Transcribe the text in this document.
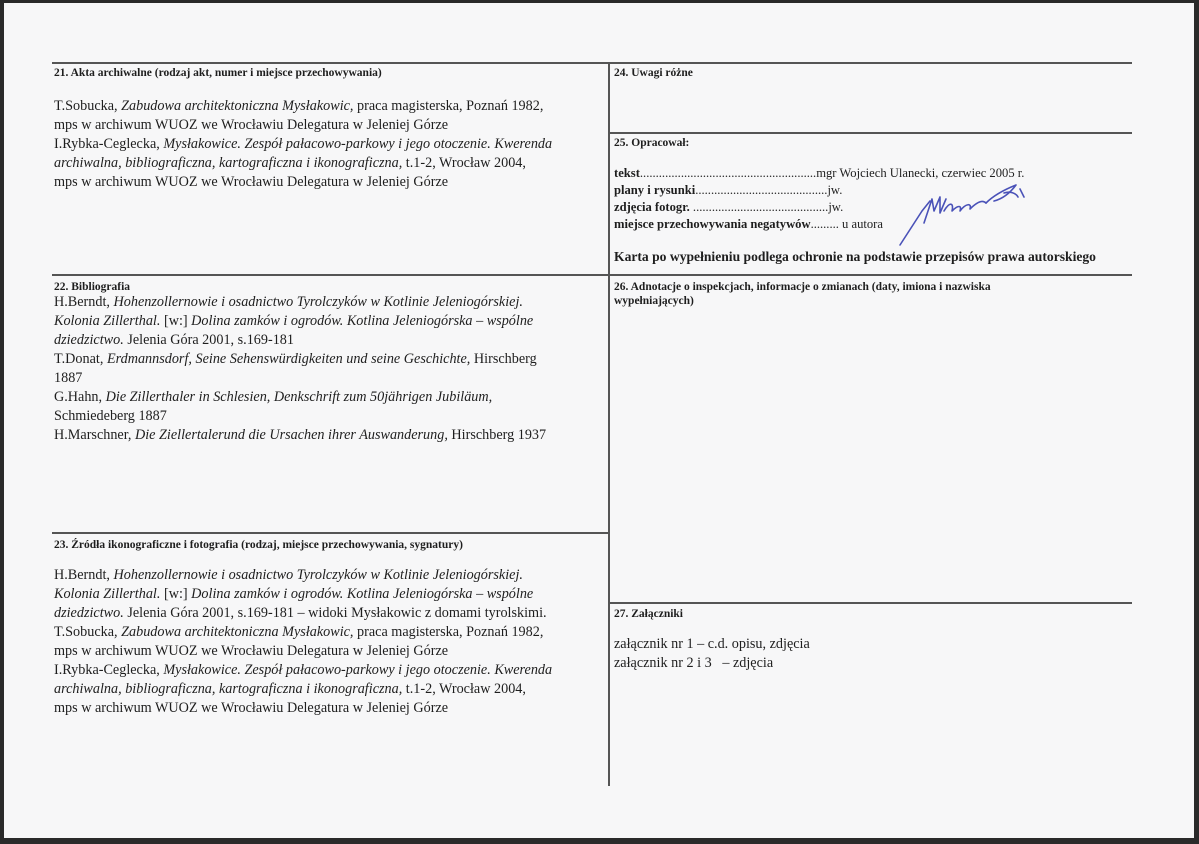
21. Akta archiwalne (rodzaj akt, numer i miejsce przechowywania)
T.Sobucka, Zabudowa architektoniczna Mysłakowic, praca magisterska, Poznań 1982,
mps w archiwum WUOZ we Wrocławiu Delegatura w Jeleniej Górze
I.Rybka-Ceglecka, Mysłakowice. Zespół pałacowo-parkowy i jego otoczenie. Kwerenda
archiwalna, bibliograficzna, kartograficzna i ikonograficzna, t.1-2, Wrocław 2004,
mps w archiwum WUOZ we Wrocławiu Delegatura w Jeleniej Górze
22. Bibliografia
H.Berndt, Hohenzollernowie i osadnictwo Tyrolczyków w Kotlinie Jeleniogórskiej.
Kolonia Zillerthal. [w:] Dolina zamków i ogrodów. Kotlina Jeleniogórska – wspólne
dziedzictwo. Jelenia Góra 2001, s.169-181
T.Donat, Erdmannsdorf, Seine Sehenswürdigkeiten und seine Geschichte, Hirschberg
1887
G.Hahn, Die Zillerthaler in Schlesien, Denkschrift zum 50jährigen Jubiläum,
Schmiedeberg 1887
H.Marschner, Die Ziellertalerund die Ursachen ihrer Auswanderung, Hirschberg 1937
23. Źródła ikonograficzne i fotografia (rodzaj, miejsce przechowywania, sygnatury)
H.Berndt, Hohenzollernowie i osadnictwo Tyrolczyków w Kotlinie Jeleniogórskiej.
Kolonia Zillerthal. [w:] Dolina zamków i ogrodów. Kotlina Jeleniogórska – wspólne
dziedzictwo. Jelenia Góra 2001, s.169-181 – widoki Mysłakowic z domami tyrolskimi.
T.Sobucka, Zabudowa architektoniczna Mysłakowic, praca magisterska, Poznań 1982,
mps w archiwum WUOZ we Wrocławiu Delegatura w Jeleniej Górze
I.Rybka-Ceglecka, Mysłakowice. Zespół pałacowo-parkowy i jego otoczenie. Kwerenda
archiwalna, bibliograficzna, kartograficzna i ikonograficzna, t.1-2, Wrocław 2004,
mps w archiwum WUOZ we Wrocławiu Delegatura w Jeleniej Górze
24. Uwagi różne
25. Opracował:
tekst........................................................mgr Wojciech Ulanecki, czerwiec 2005 r.
plany i rysunki..........................................jw.
zdjęcia fotogr. ...........................................jw.
miejsce przechowywania negatywów......... u autora
Karta po wypełnieniu podlega ochronie na podstawie przepisów prawa autorskiego
26. Adnotacje o inspekcjach, informacje o zmianach (daty, imiona i nazwiska
wypełniających)
27. Załączniki
załącznik nr 1 – c.d. opisu, zdjęcia
załącznik nr 2 i 3   – zdjęcia
